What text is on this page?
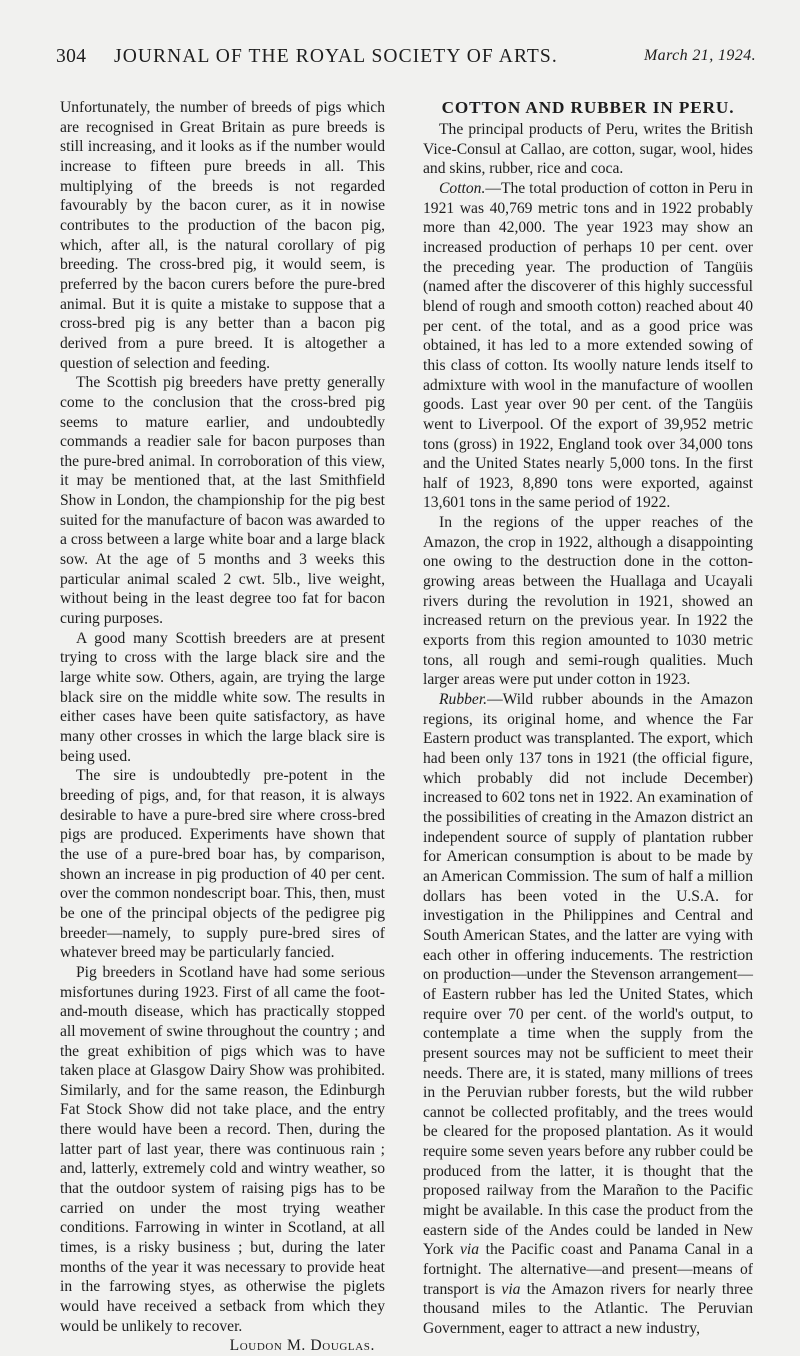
304 JOURNAL OF THE ROYAL SOCIETY OF ARTS.	March 21, 1924.

Unfortunately, the number of breeds of pigs which are recognised in Great Britain as pure breeds is still increasing, and it looks as if the number would increase to fifteen pure breeds in all. This multiplying of the breeds is not regarded favourably by the bacon curer, as it in nowise contributes to the production of the bacon pig, which, after all, is the natural corollary of pig breeding. The cross-bred pig, it would seem, is preferred by the bacon curers before the pure-bred animal. But it is quite a mistake to suppose that a cross-bred pig is any better than a bacon pig derived from a pure breed. It is altogether a question of selection and feeding.

The Scottish pig breeders have pretty generally come to the conclusion that the cross-bred pig seems to mature earlier, and undoubtedly commands a readier sale for bacon purposes than the pure-bred animal. In corroboration of this view, it may be mentioned that, at the last Smithfield Show in London, the championship for the pig best suited for the manufacture of bacon was awarded to a cross between a large white boar and a large black sow. At the age of 5 months and 3 weeks this particular animal scaled 2 cwt. 5lb., live weight, without being in the least degree too fat for bacon curing purposes.

A good many Scottish breeders are at present trying to cross with the large black sire and the large white sow. Others, again, are trying the large black sire on the middle white sow. The results in either cases have been quite satisfactory, as have many other crosses in which the large black sire is being used.

The sire is undoubtedly pre-potent in the breeding of pigs, and, for that reason, it is always desirable to have a pure-bred sire where cross-bred pigs are produced. Experiments have shown that the use of a pure-bred boar has, by comparison, shown an increase in pig production of 40 per cent. over the common nondescript boar. This, then, must be one of the principal objects of the pedigree pig breeder—namely, to supply pure-bred sires of whatever breed may be particularly fancied.

Pig breeders in Scotland have had some serious misfortunes during 1923. First of all came the foot-and-mouth disease, which has practically stopped all movement of swine throughout the country ; and the great exhibition of pigs which was to have taken place at Glasgow Dairy Show was prohibited. Similarly, and for the same reason, the Edinburgh Fat Stock Show did not take place, and the entry there would have been a record. Then, during the latter part of last year, there was continuous rain ; and, latterly, extremely cold and wintry weather, so that the outdoor system of raising pigs has to be carried on under the most trying weather conditions. Farrowing in winter in Scotland, at all times, is a risky business ; but, during the later months of the year it was necessary to provide heat in the farrowing styes, as otherwise the piglets would have received a setback from which they would be unlikely to recover.

Loudon M. Douglas.

COTTON AND RUBBER IN PERU.

The principal products of Peru, writes the British Vice-Consul at Callao, are cotton, sugar, wool, hides and skins, rubber, rice and coca.

Cotton.—The total production of cotton in Peru in 1921 was 40,769 metric tons and in 1922 probably more than 42,000. The year 1923 may show an increased production of perhaps 10 per cent. over the preceding year. The production of Tangüis (named after the discoverer of this highly successful blend of rough and smooth cotton) reached about 40 per cent. of the total, and as a good price was obtained, it has led to a more extended sowing of this class of cotton. Its woolly nature lends itself to admixture with wool in the manufacture of woollen goods. Last year over 90 per cent. of the Tangüis went to Liverpool. Of the export of 39,952 metric tons (gross) in 1922, England took over 34,000 tons and the United States nearly 5,000 tons. In the first half of 1923, 8,890 tons were exported, against 13,601 tons in the same period of 1922.

In the regions of the upper reaches of the Amazon, the crop in 1922, although a disappointing one owing to the destruction done in the cotton-growing areas between the Huallaga and Ucayali rivers during the revolution in 1921, showed an increased return on the previous year. In 1922 the exports from this region amounted to 1030 metric tons, all rough and semi-rough qualities. Much larger areas were put under cotton in 1923.

Rubber.—Wild rubber abounds in the Amazon regions, its original home, and whence the Far Eastern product was transplanted. The export, which had been only 137 tons in 1921 (the official figure, which probably did not include December) increased to 602 tons net in 1922. An examination of the possibilities of creating in the Amazon district an independent source of supply of plantation rubber for American consumption is about to be made by an American Commission. The sum of half a million dollars has been voted in the U.S.A. for investigation in the Philippines and Central and South American States, and the latter are vying with each other in offering inducements. The restriction on production—under the Stevenson arrangement—of Eastern rubber has led the United States, which require over 70 per cent. of the world's output, to contemplate a time when the supply from the present sources may not be sufficient to meet their needs. There are, it is stated, many millions of trees in the Peruvian rubber forests, but the wild rubber cannot be collected profitably, and the trees would be cleared for the proposed plantation. As it would require some seven years before any rubber could be produced from the latter, it is thought that the proposed railway from the Marañon to the Pacific might be available. In this case the product from the eastern side of the Andes could be landed in New York via the Pacific coast and Panama Canal in a fortnight. The alternative—and present—means of transport is via the Amazon rivers for nearly three thousand miles to the Atlantic. The Peruvian Government, eager to attract a new industry,
